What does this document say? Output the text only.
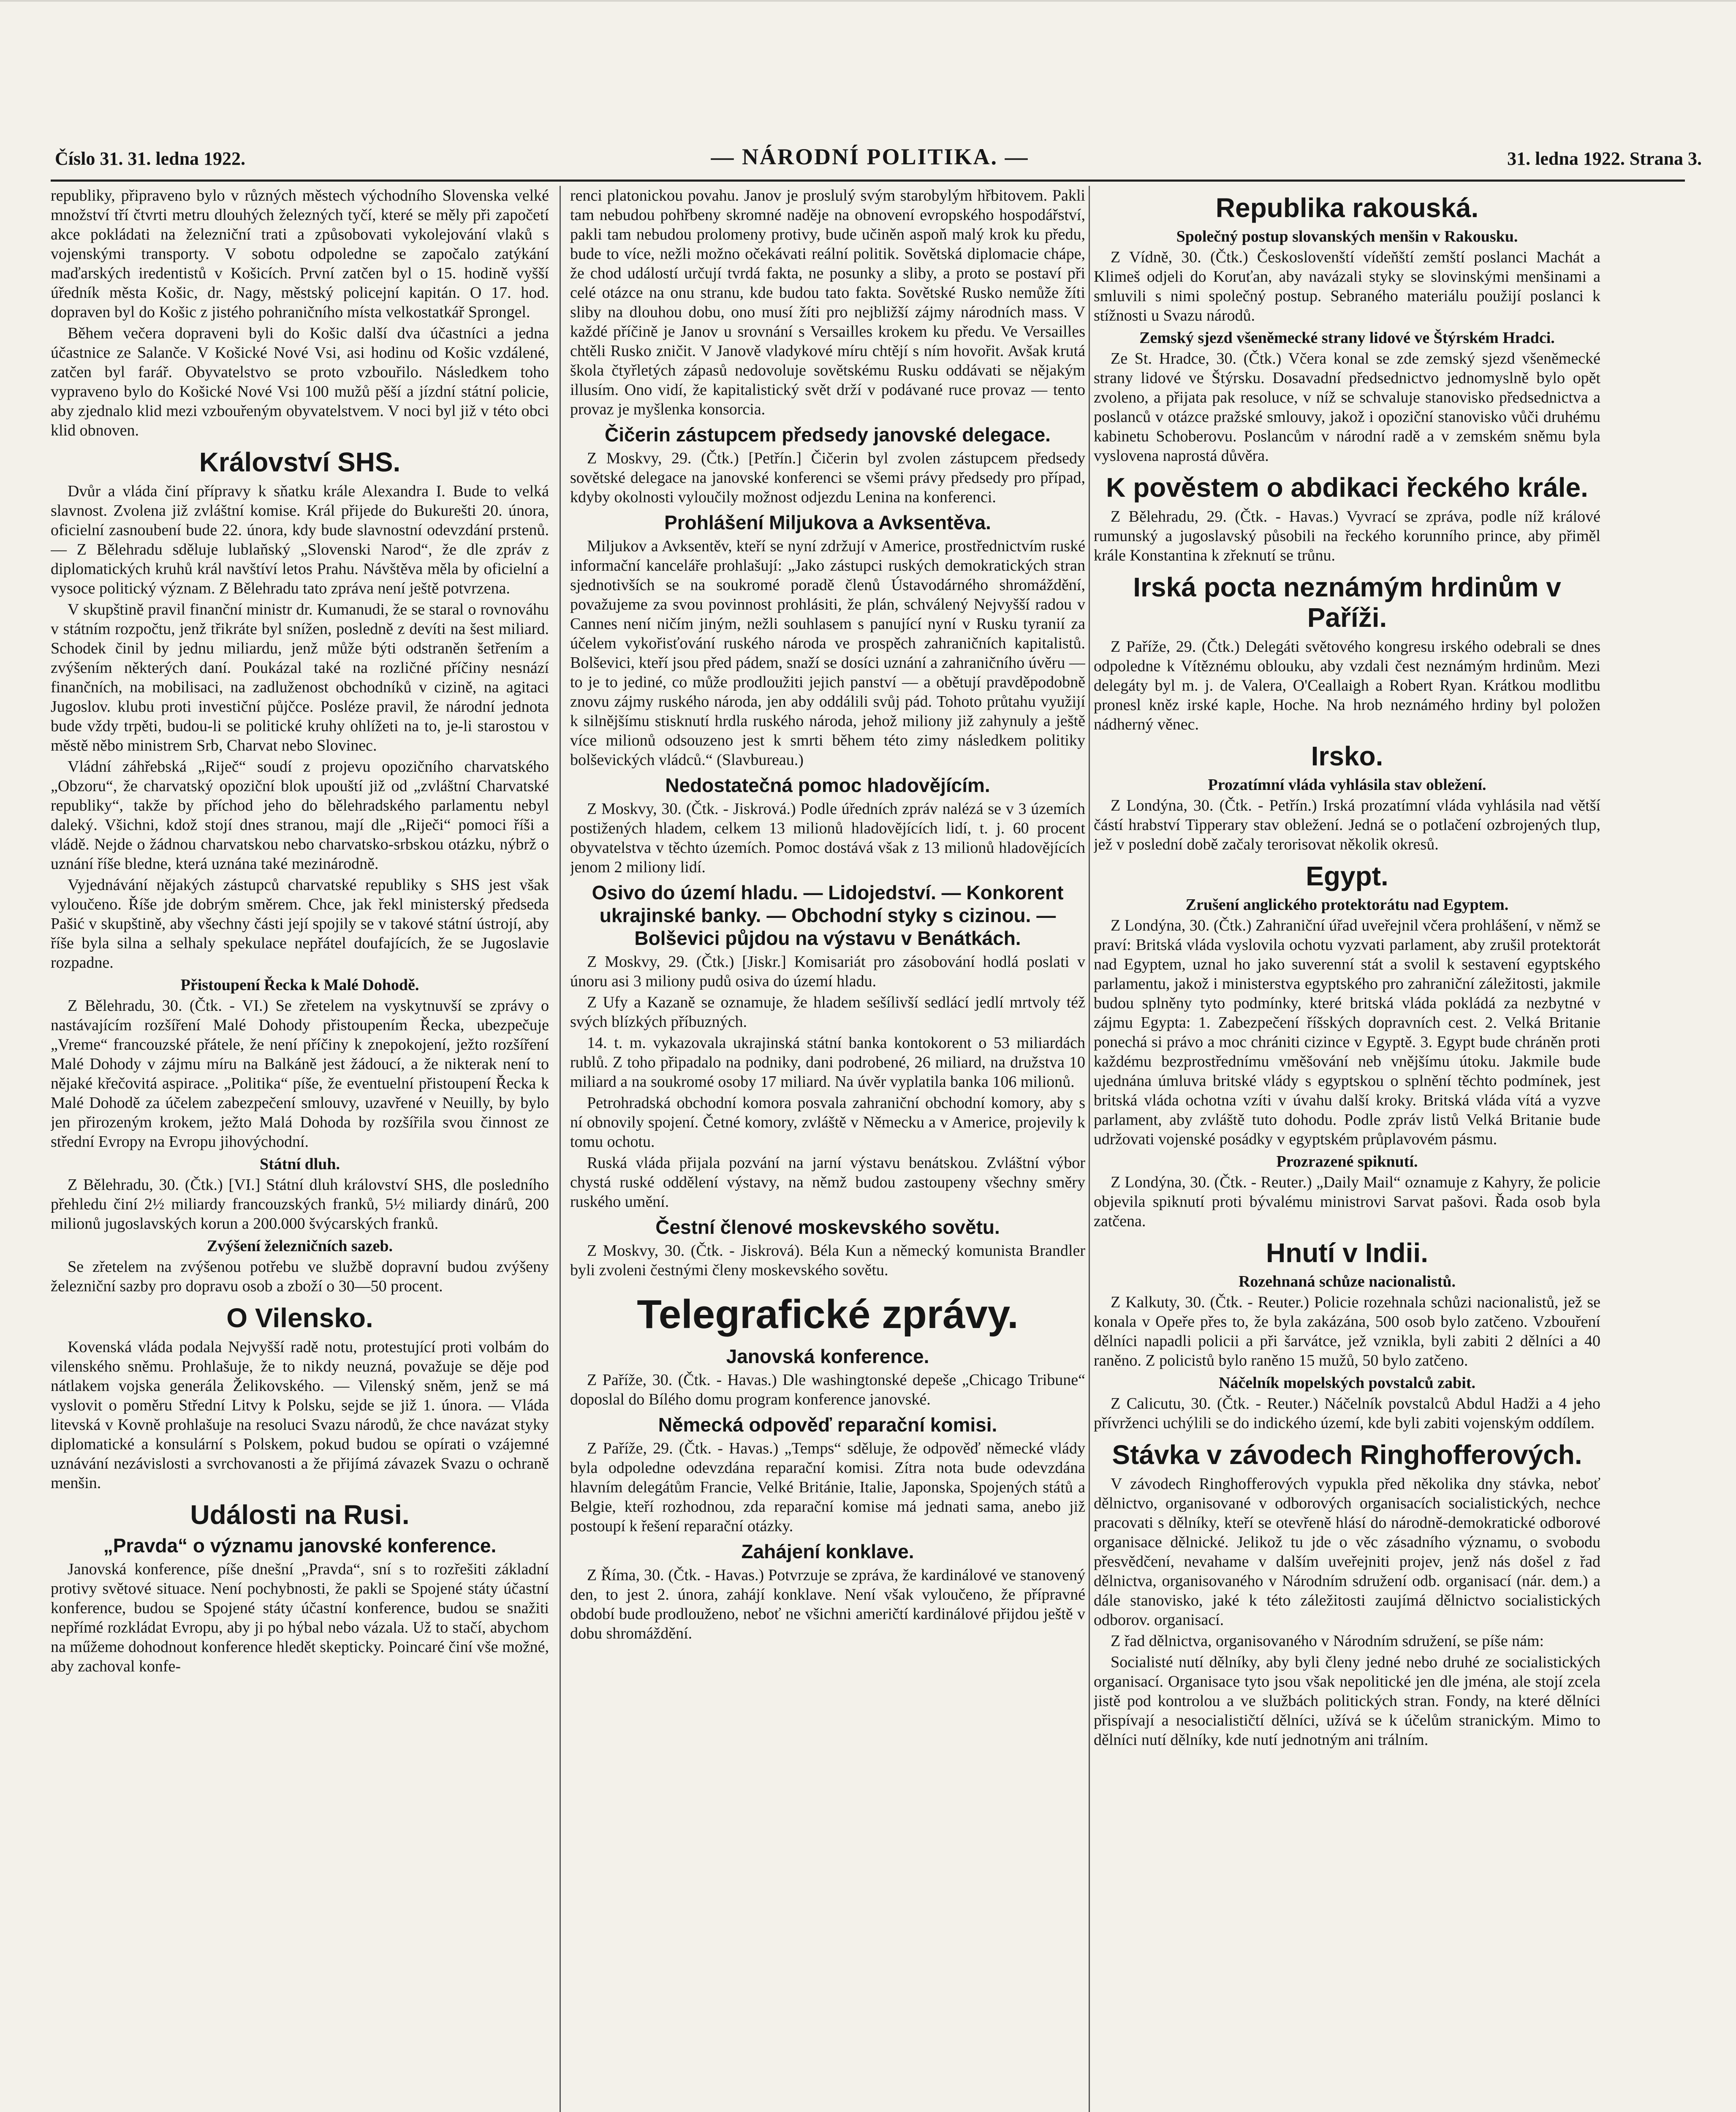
Číslo 31. 31. ledna 1922.	— NÁRODNÍ POLITIKA. —	31. ledna 1922. Strana 3.

republiky, připraveno bylo v různých městech východního Slovenska velké množství tří čtvrti metru dlouhých železných tyčí, které se měly při započetí akce pokládati na železniční trati a způsobovati vykolejování vlaků s vojenskými transporty. V sobotu odpoledne se započalo zatýkání maďarských iredentistů v Košicích. První zatčen byl o 15. hodině vyšší úředník města Košic, dr. Nagy, městský policejní kapitán. O 17. hod. dopraven byl do Košic z jistého pohraničního místa velkostatkář Sprongel.

Během večera dopraveni byli do Košic další dva účastníci a jedna účastnice ze Salanče. V Košické Nové Vsi, asi hodinu od Košic vzdálené, zatčen byl farář. Obyvatelstvo se proto vzbouřilo. Následkem toho vypraveno bylo do Košické Nové Vsi 100 mužů pěší a jízdní státní policie, aby zjednalo klid mezi vzbouřeným obyvatelstvem. V noci byl již v této obci klid obnoven.

Království SHS.

Dvůr a vláda činí přípravy k sňatku krále Alexandra I. Bude to velká slavnost. Zvolena již zvláštní komise. Král přijede do Bukurešti 20. února, oficielní zasnoubení bude 22. února, kdy bude slavnostní odevzdání prstenů. — Z Bělehradu sděluje lublaňský „Slovenski Narod“, že dle zpráv z diplomatických kruhů král navštíví letos Prahu. Návštěva měla by oficielní a vysoce politický význam. Z Bělehradu tato zpráva není ještě potvrzena.

V skupštině pravil finanční ministr dr. Kumanudi, že se staral o rovnováhu v státním rozpočtu, jenž třikráte byl snížen, posledně z devíti na šest miliard. Schodek činil by jednu miliardu, jenž může býti odstraněn šetřením a zvýšením některých daní. Poukázal také na rozličné příčiny nesnází finančních, na mobilisaci, na zadluženost obchodníků v cizině, na agitaci Jugoslov. klubu proti investiční půjčce. Posléze pravil, že národní jednota bude vždy trpěti, budou-li se politické kruhy ohlížeti na to, je-li starostou v městě něbo ministrem Srb, Charvat nebo Slovinec.

Vládní záhřebská „Riječ“ soudí z projevu opozičního charvatského „Obzoru“, že charvatský opoziční blok upouští již od „zvláštní Charvatské republiky“, takže by příchod jeho do bělehradského parlamentu nebyl daleký. Všichni, kdož stojí dnes stranou, mají dle „Riječi“ pomoci říši a vládě. Nejde o žádnou charvatskou nebo charvatsko-srbskou otázku, nýbrž o uznání říše bledne, která uznána také mezinárodně.

Vyjednávání nějakých zástupců charvatské republiky s SHS jest však vyloučeno. Říše jde dobrým směrem. Chce, jak řekl ministerský předseda Pašić v skupštině, aby všechny části její spojily se v takové státní ústrojí, aby říše byla silna a selhaly spekulace nepřátel doufajících, že se Jugoslavie rozpadne.

Přistoupení Řecka k Malé Dohodě.

Z Bělehradu, 30. (Čtk. - VI.) Se zřetelem na vyskytnuvší se zprávy o nastávajícím rozšíření Malé Dohody přistoupením Řecka, ubezpečuje „Vreme“ francouzské přátele, že není příčiny k znepokojení, ježto rozšíření Malé Dohody v zájmu míru na Balkáně jest žádoucí, a že nikterak není to nějaké křečovitá aspirace. „Politika“ píše, že eventuelní přistoupení Řecka k Malé Dohodě za účelem zabezpečení smlouvy, uzavřené v Neuilly, by bylo jen přirozeným krokem, ježto Malá Dohoda by rozšířila svou činnost ze střední Evropy na Evropu jihovýchodní.

Státní dluh.

Z Bělehradu, 30. (Čtk.) [VI.] Státní dluh království SHS, dle posledního přehledu činí 2½ miliardy francouzských franků, 5½ miliardy dinárů, 200 milionů jugoslavských korun a 200.000 švýcarských franků.

Zvýšení železničních sazeb.

Se zřetelem na zvýšenou potřebu ve službě dopravní budou zvýšeny železniční sazby pro dopravu osob a zboží o 30—50 procent.

O Vilensko.

Kovenská vláda podala Nejvyšší radě notu, protestující proti volbám do vilenského sněmu. Prohlašuje, že to nikdy neuzná, považuje se děje pod nátlakem vojska generála Želikovského. — Vilenský sněm, jenž se má vyslovit o poměru Střední Litvy k Polsku, sejde se již 1. února. — Vláda litevská v Kovně prohlašuje na resoluci Svazu národů, že chce navázat styky diplomatické a konsulární s Polskem, pokud budou se opírati o vzájemné uznávání nezávislosti a svrchovanosti a že přijímá závazek Svazu o ochraně menšin.

Události na Rusi.
„Pravda“ o významu janovské konference.

Janovská konference, píše dnešní „Pravda“, sní s to rozřešiti základní protivy světové situace. Není pochybnosti, že pakli se Spojené státy účastní konference, budou se Spojené státy účastní konference, budou se snažiti nepřímé rozkládat Evropu, aby ji po hýbal nebo vázala. Už to stačí, abychom na műžeme dohodnout konference hledět skepticky. Poincaré činí vše možné, aby zachoval konfe-

renci platonickou povahu. Janov je proslulý svým starobylým hřbitovem. Pakli tam nebudou pohřbeny skromné naděje na obnovení evropského hospodářství, pakli tam nebudou prolomeny protivy, bude učiněn aspoň malý krok ku předu, bude to více, nežli možno očekávati reální politik. Sovětská diplomacie chápe, že chod událostí určují tvrdá fakta, ne posunky a sliby, a proto se postaví při celé otázce na onu stranu, kde budou tato fakta. Sovětské Rusko nemůže žíti sliby na dlouhou dobu, ono musí žíti pro nejbližší zájmy národních mass. V každé příčině je Janov u srovnání s Versailles krokem ku předu. Ve Versailles chtěli Rusko zničit. V Janově vladykové míru chtějí s ním hovořit. Avšak krutá škola čtyřletých zápasů nedovoluje sovětskému Rusku oddávati se nějakým illusím. Ono vidí, že kapitalistický svět drží v podávané ruce provaz — tento provaz je myšlenka konsorcia.

Čičerin zástupcem předsedy janovské delegace.

Z Moskvy, 29. (Čtk.) [Petřín.] Čičerin byl zvolen zástupcem předsedy sovětské delegace na janovské konferenci se všemi právy předsedy pro případ, kdyby okolnosti vyloučily možnost odjezdu Lenina na konferenci.

Prohlášení Miljukova a Avksentěva.

Miljukov a Avksentěv, kteří se nyní zdržují v Americe, prostřednictvím ruské informační kanceláře prohlašují: „Jako zástupci ruských demokratických stran sjednotivších se na soukromé poradě členů Ústavodárného shromáždění, považujeme za svou povinnost prohlásiti, že plán, schválený Nejvyšší radou v Cannes není ničím jiným, nežli souhlasem s panující nyní v Rusku tyranií za účelem vykořisťování ruského národa ve prospěch zahraničních kapitalistů. Bolševici, kteří jsou před pádem, snaží se dosíci uznání a zahraničního úvěru — to je to jediné, co může prodloužiti jejich panství — a obětují pravděpodobně znovu zájmy ruského národa, jen aby oddálili svůj pád. Tohoto průtahu využijí k silnějšímu stisknutí hrdla ruského národa, jehož miliony již zahynuly a ještě více milionů odsouzeno jest k smrti během této zimy následkem politiky bolševických vládců.“ (Slavbureau.)

Nedostatečná pomoc hladovějícím.

Z Moskvy, 30. (Čtk. - Jiskrová.) Podle úředních zpráv nalézá se v 3 územích postižených hladem, celkem 13 milionů hladovějících lidí, t. j. 60 procent obyvatelstva v těchto územích. Pomoc dostává však z 13 milionů hladovějících jenom 2 miliony lidí.

Osivo do území hladu. — Lidojedství. — Konkorent ukrajinské banky. — Obchodní styky s cizinou. — Bolševici půjdou na výstavu v Benátkách.

Z Moskvy, 29. (Čtk.) [Jiskr.] Komisariát pro zásobování hodlá poslati v únoru asi 3 miliony pudů osiva do území hladu.

Z Ufy a Kazaně se oznamuje, že hladem sešílivší sedlácí jedlí mrtvoly též svých blízkých příbuzných.

14. t. m. vykazovala ukrajinská státní banka kontokorent o 53 miliardách rublů. Z toho připadalo na podniky, dani podrobené, 26 miliard, na družstva 10 miliard a na soukromé osoby 17 miliard. Na úvěr vyplatila banka 106 milionů.

Petrohradská obchodní komora posvala zahraniční obchodní komory, aby s ní obnovily spojení. Četné komory, zvláště v Německu a v Americe, projevily k tomu ochotu.

Ruská vláda přijala pozvání na jarní výstavu benátskou. Zvláštní výbor chystá ruské oddělení výstavy, na němž budou zastoupeny všechny směry ruského umění.

Čestní členové moskevského sovětu.

Z Moskvy, 30. (Čtk. - Jiskrová). Béla Kun a německý komunista Brandler byli zvoleni čestnými členy moskevského sovětu.

Telegrafické zprávy.
Janovská konference.

Z Paříže, 30. (Čtk. - Havas.) Dle washingtonské depeše „Chicago Tribune“ doposlal do Bílého domu program konference janovské.

Německá odpověď reparační komisi.

Z Paříže, 29. (Čtk. - Havas.) „Temps“ sděluje, že odpověď německé vlády byla odpoledne odevzdána reparační komisi. Zítra nota bude odevzdána hlavním delegátům Francie, Velké Británie, Italie, Japonska, Spojených států a Belgie, kteří rozhodnou, zda reparační komise má jednati sama, anebo již postoupí k řešení reparační otázky.

Zahájení konklave.

Z Říma, 30. (Čtk. - Havas.) Potvrzuje se zpráva, že kardinálové ve stanovený den, to jest 2. února, zahájí konklave. Není však vyloučeno, že přípravné období bude prodlouženo, neboť ne všichni američtí kardinálové přijdou ještě v dobu shromáždění.

Republika rakouská.
Společný postup slovanských menšin v Rakousku.

Z Vídně, 30. (Čtk.) Českoslovenští vídeňští zemští poslanci Machát a Klimeš odjeli do Koruťan, aby navázali styky se slovinskými menšinami a smluvili s nimi společný postup. Sebraného materiálu použijí poslanci k stížnosti u Svazu národů.

Zemský sjezd všeněmecké strany lidové ve Štýrském Hradci.

Ze St. Hradce, 30. (Čtk.) Včera konal se zde zemský sjezd všeněmecké strany lidové ve Štýrsku. Dosavadní předsednictvo jednomyslně bylo opět zvoleno, a přijata pak resoluce, v níž se schvaluje stanovisko předsednictva a poslanců v otázce pražské smlouvy, jakož i opoziční stanovisko vůči druhému kabinetu Schoberovu. Poslancům v národní radě a v zemském sněmu byla vyslovena naprostá důvěra.

K pověstem o abdikaci řeckého krále.

Z Bělehradu, 29. (Čtk. - Havas.) Vyvrací se zpráva, podle níž králové rumunský a jugoslavský působili na řeckého korunního prince, aby přiměl krále Konstantina k zřeknutí se trůnu.

Irská pocta neznámým hrdinům v Paříži.

Z Paříže, 29. (Čtk.) Delegáti světového kongresu irského odebrali se dnes odpoledne k Vítěznému oblouku, aby vzdali čest neznámým hrdinům. Mezi delegáty byl m. j. de Valera, O'Ceallaigh a Robert Ryan. Krátkou modlitbu pronesl kněz irské kaple, Hoche. Na hrob neznámého hrdiny byl položen nádherný věnec.

Irsko.
Prozatímní vláda vyhlásila stav obležení.

Z Londýna, 30. (Čtk. - Petřín.) Irská prozatímní vláda vyhlásila nad větší částí hrabství Tipperary stav obležení. Jedná se o potlačení ozbrojených tlup, jež v poslední době začaly terorisovat několik okresů.

Egypt.
Zrušení anglického protektorátu nad Egyptem.

Z Londýna, 30. (Čtk.) Zahraniční úřad uveřejnil včera prohlášení, v němž se praví: Britská vláda vyslovila ochotu vyzvati parlament, aby zrušil protektorát nad Egyptem, uznal ho jako suverenní stát a svolil k sestavení egyptského parlamentu, jakož i ministerstva egyptského pro zahraniční záležitosti, jakmile budou splněny tyto podmínky, které britská vláda pokládá za nezbytné v zájmu Egypta: 1. Zabezpečení říšských dopravních cest. 2. Velká Britanie ponechá si právo a moc chrániti cizince v Egyptě. 3. Egypt bude chráněn proti každému bezprostřednímu vměšování neb vnějšímu útoku. Jakmile bude ujednána úmluva britské vlády s egyptskou o splnění těchto podmínek, jest britská vláda ochotna vzíti v úvahu další kroky. Britská vláda vítá a vyzve parlament, aby zvláště tuto dohodu. Podle zpráv listů Velká Britanie bude udržovati vojenské posádky v egyptském průplavovém pásmu.

Prozrazené spiknutí.

Z Londýna, 30. (Čtk. - Reuter.) „Daily Mail“ oznamuje z Kahyry, že policie objevila spiknutí proti bývalému ministrovi Sarvat pašovi. Řada osob byla zatčena.

Hnutí v Indii.
Rozehnaná schůze nacionalistů.

Z Kalkuty, 30. (Čtk. - Reuter.) Policie rozehnala schůzi nacionalistů, jež se konala v Opeře přes to, že byla zakázána, 500 osob bylo zatčeno. Vzbouření dělníci napadli policii a při šarvátce, jež vznikla, byli zabiti 2 dělníci a 40 raněno. Z policistů bylo raněno 15 mužů, 50 bylo zatčeno.

Náčelník mopelských povstalců zabit.

Z Calicutu, 30. (Čtk. - Reuter.) Náčelník povstalců Abdul Hadži a 4 jeho přívrženci uchýlili se do indického území, kde byli zabiti vojenským oddílem.

Stávka v závodech Ringhofferových.

V závodech Ringhofferových vypukla před několika dny stávka, neboť dělnictvo, organisované v odborových organisacích socialistických, nechce pracovati s dělníky, kteří se otevřeně hlásí do národně-demokratické odborové organisace dělnické. Jelikož tu jde o věc zásadního významu, o svobodu přesvědčení, nevahame v dalším uveřejniti projev, jenž nás došel z řad dělnictva, organisovaného v Národním sdružení odb. organisací (nár. dem.) a dále stanovisko, jaké k této záležitosti zaujímá dělnictvo socialistických odborov. organisací.

Z řad dělnictva, organisovaného v Národním sdružení, se píše nám:

Socialisté nutí dělníky, aby byli členy jedné nebo druhé ze socialistických organisací. Organisace tyto jsou však nepolitické jen dle jména, ale stojí zcela jistě pod kontrolou a ve službách politických stran. Fondy, na které dělníci přispívají a nesocialističtí dělníci, užívá se k účelům stranickým. Mimo to dělníci nutí dělníky, kde nutí jednotným ani trálním.
